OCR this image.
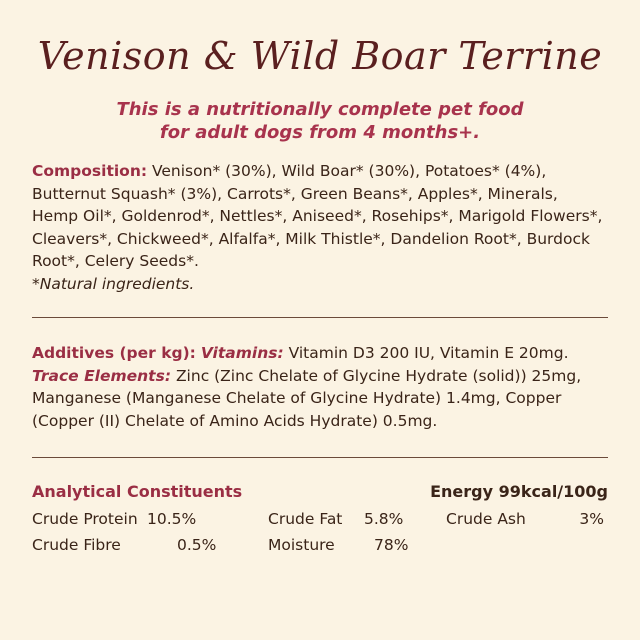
Venison & Wild Boar Terrine
This is a nutritionally complete pet food
for adult dogs from 4 months+.
Composition: Venison* (30%), Wild Boar* (30%), Potatoes* (4%), Butternut Squash* (3%), Carrots*, Green Beans*, Apples*, Minerals, Hemp Oil*, Goldenrod*, Nettles*, Aniseed*, Rosehips*, Marigold Flowers*, Cleavers*, Chickweed*, Alfalfa*, Milk Thistle*, Dandelion Root*, Burdock Root*, Celery Seeds*.
*Natural ingredients.
Additives (per kg): Vitamins: Vitamin D3 200 IU, Vitamin E 20mg. Trace Elements: Zinc (Zinc Chelate of Glycine Hydrate (solid)) 25mg, Manganese (Manganese Chelate of Glycine Hydrate) 1.4mg, Copper (Copper (II) Chelate of Amino Acids Hydrate) 0.5mg.
Analytical Constituents	Energy 99kcal/100g
Crude Protein 10.5%	Crude Fat 5.8%	Crude Ash	3%
Crude Fibre	0.5%	Moisture	78%
